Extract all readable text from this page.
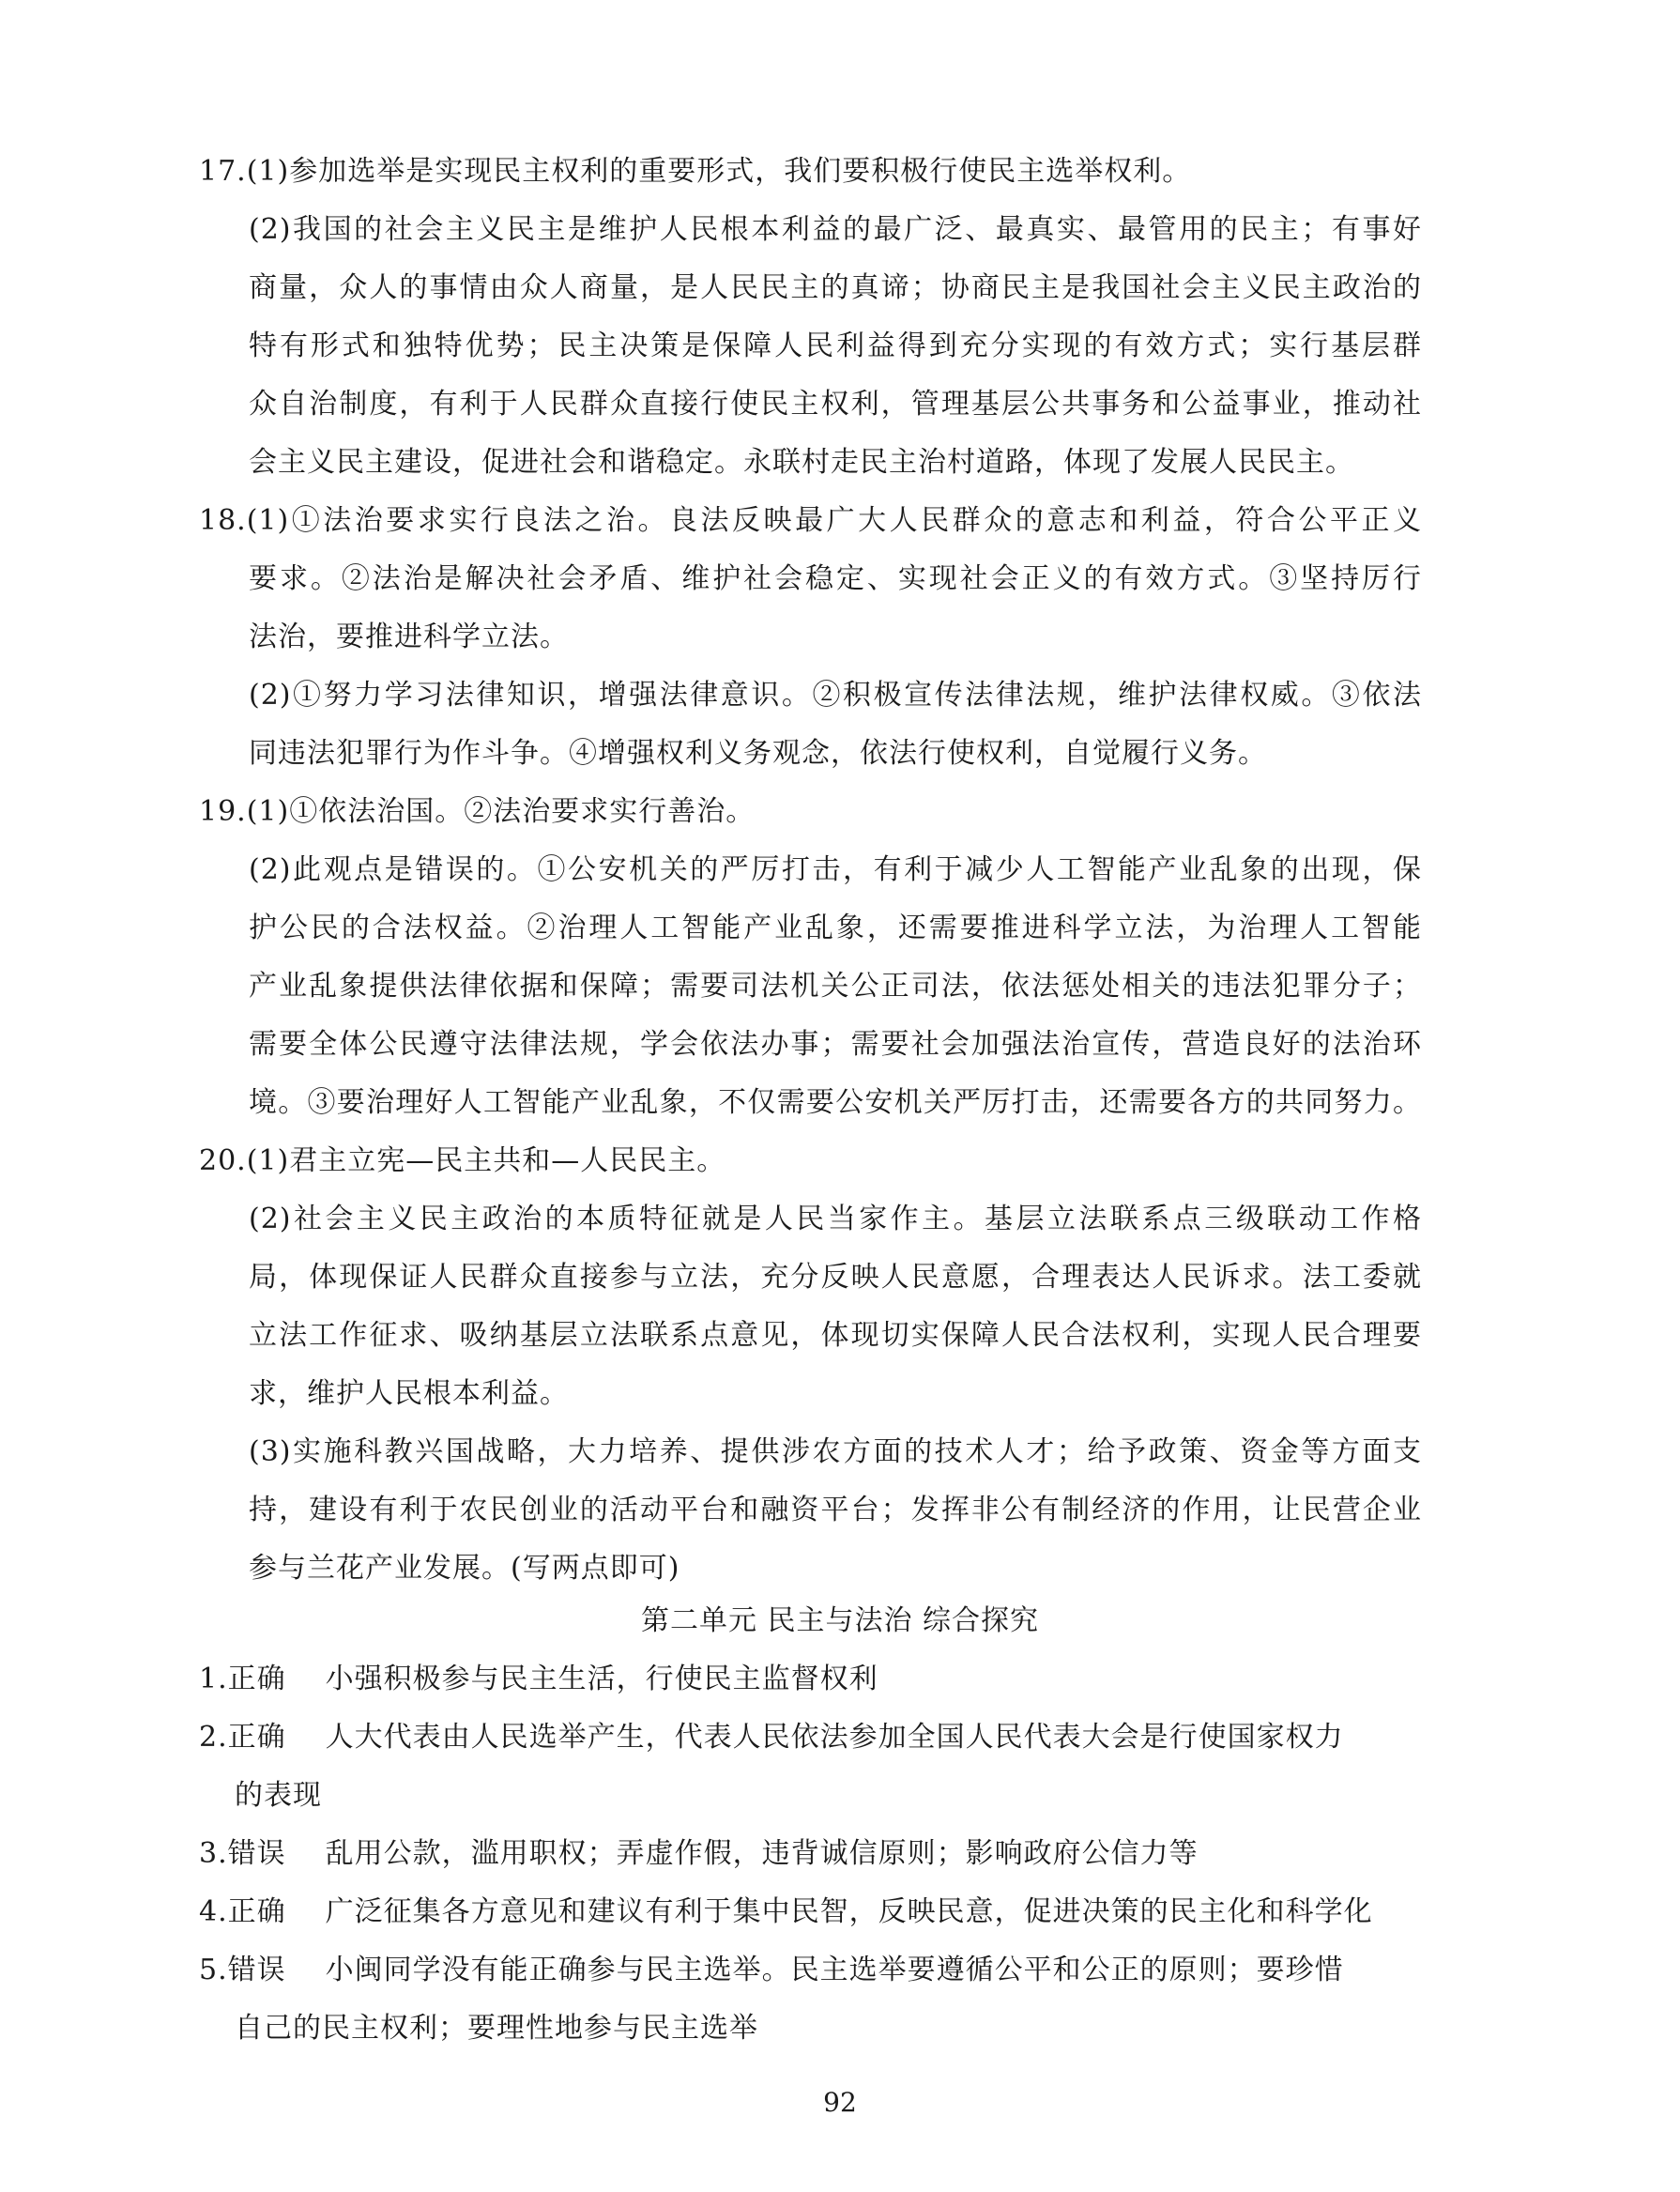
17.(1)参加选举是实现民主权利的重要形式，我们要积极行使民主选举权利。
(2)我国的社会主义民主是维护人民根本利益的最广泛、最真实、最管用的民主；有事好
商量，众人的事情由众人商量，是人民民主的真谛；协商民主是我国社会主义民主政治的
特有形式和独特优势；民主决策是保障人民利益得到充分实现的有效方式；实行基层群
众自治制度，有利于人民群众直接行使民主权利，管理基层公共事务和公益事业，推动社
会主义民主建设，促进社会和谐稳定。永联村走民主治村道路，体现了发展人民民主。
18.(1)①法治要求实行良法之治。良法反映最广大人民群众的意志和利益，符合公平正义
要求。②法治是解决社会矛盾、维护社会稳定、实现社会正义的有效方式。③坚持厉行
法治，要推进科学立法。
(2)①努力学习法律知识，增强法律意识。②积极宣传法律法规，维护法律权威。③依法
同违法犯罪行为作斗争。④增强权利义务观念，依法行使权利，自觉履行义务。
19.(1)①依法治国。②法治要求实行善治。
(2)此观点是错误的。①公安机关的严厉打击，有利于减少人工智能产业乱象的出现，保
护公民的合法权益。②治理人工智能产业乱象，还需要推进科学立法，为治理人工智能
产业乱象提供法律依据和保障；需要司法机关公正司法，依法惩处相关的违法犯罪分子；
需要全体公民遵守法律法规，学会依法办事；需要社会加强法治宣传，营造良好的法治环
境。③要治理好人工智能产业乱象，不仅需要公安机关严厉打击，还需要各方的共同努力。
20.(1)君主立宪—民主共和—人民民主。
(2)社会主义民主政治的本质特征就是人民当家作主。基层立法联系点三级联动工作格
局，体现保证人民群众直接参与立法，充分反映人民意愿，合理表达人民诉求。法工委就
立法工作征求、吸纳基层立法联系点意见，体现切实保障人民合法权利，实现人民合理要
求，维护人民根本利益。
(3)实施科教兴国战略，大力培养、提供涉农方面的技术人才；给予政策、资金等方面支
持，建设有利于农民创业的活动平台和融资平台；发挥非公有制经济的作用，让民营企业
参与兰花产业发展。(写两点即可)
第二单元 民主与法治 综合探究
1.正确 小强积极参与民主生活，行使民主监督权利
2.正确 人大代表由人民选举产生，代表人民依法参加全国人民代表大会是行使国家权力
的表现
3.错误 乱用公款，滥用职权；弄虚作假，违背诚信原则；影响政府公信力等
4.正确 广泛征集各方意见和建议有利于集中民智，反映民意，促进决策的民主化和科学化
5.错误 小闽同学没有能正确参与民主选举。民主选举要遵循公平和公正的原则；要珍惜
自己的民主权利；要理性地参与民主选举
92
